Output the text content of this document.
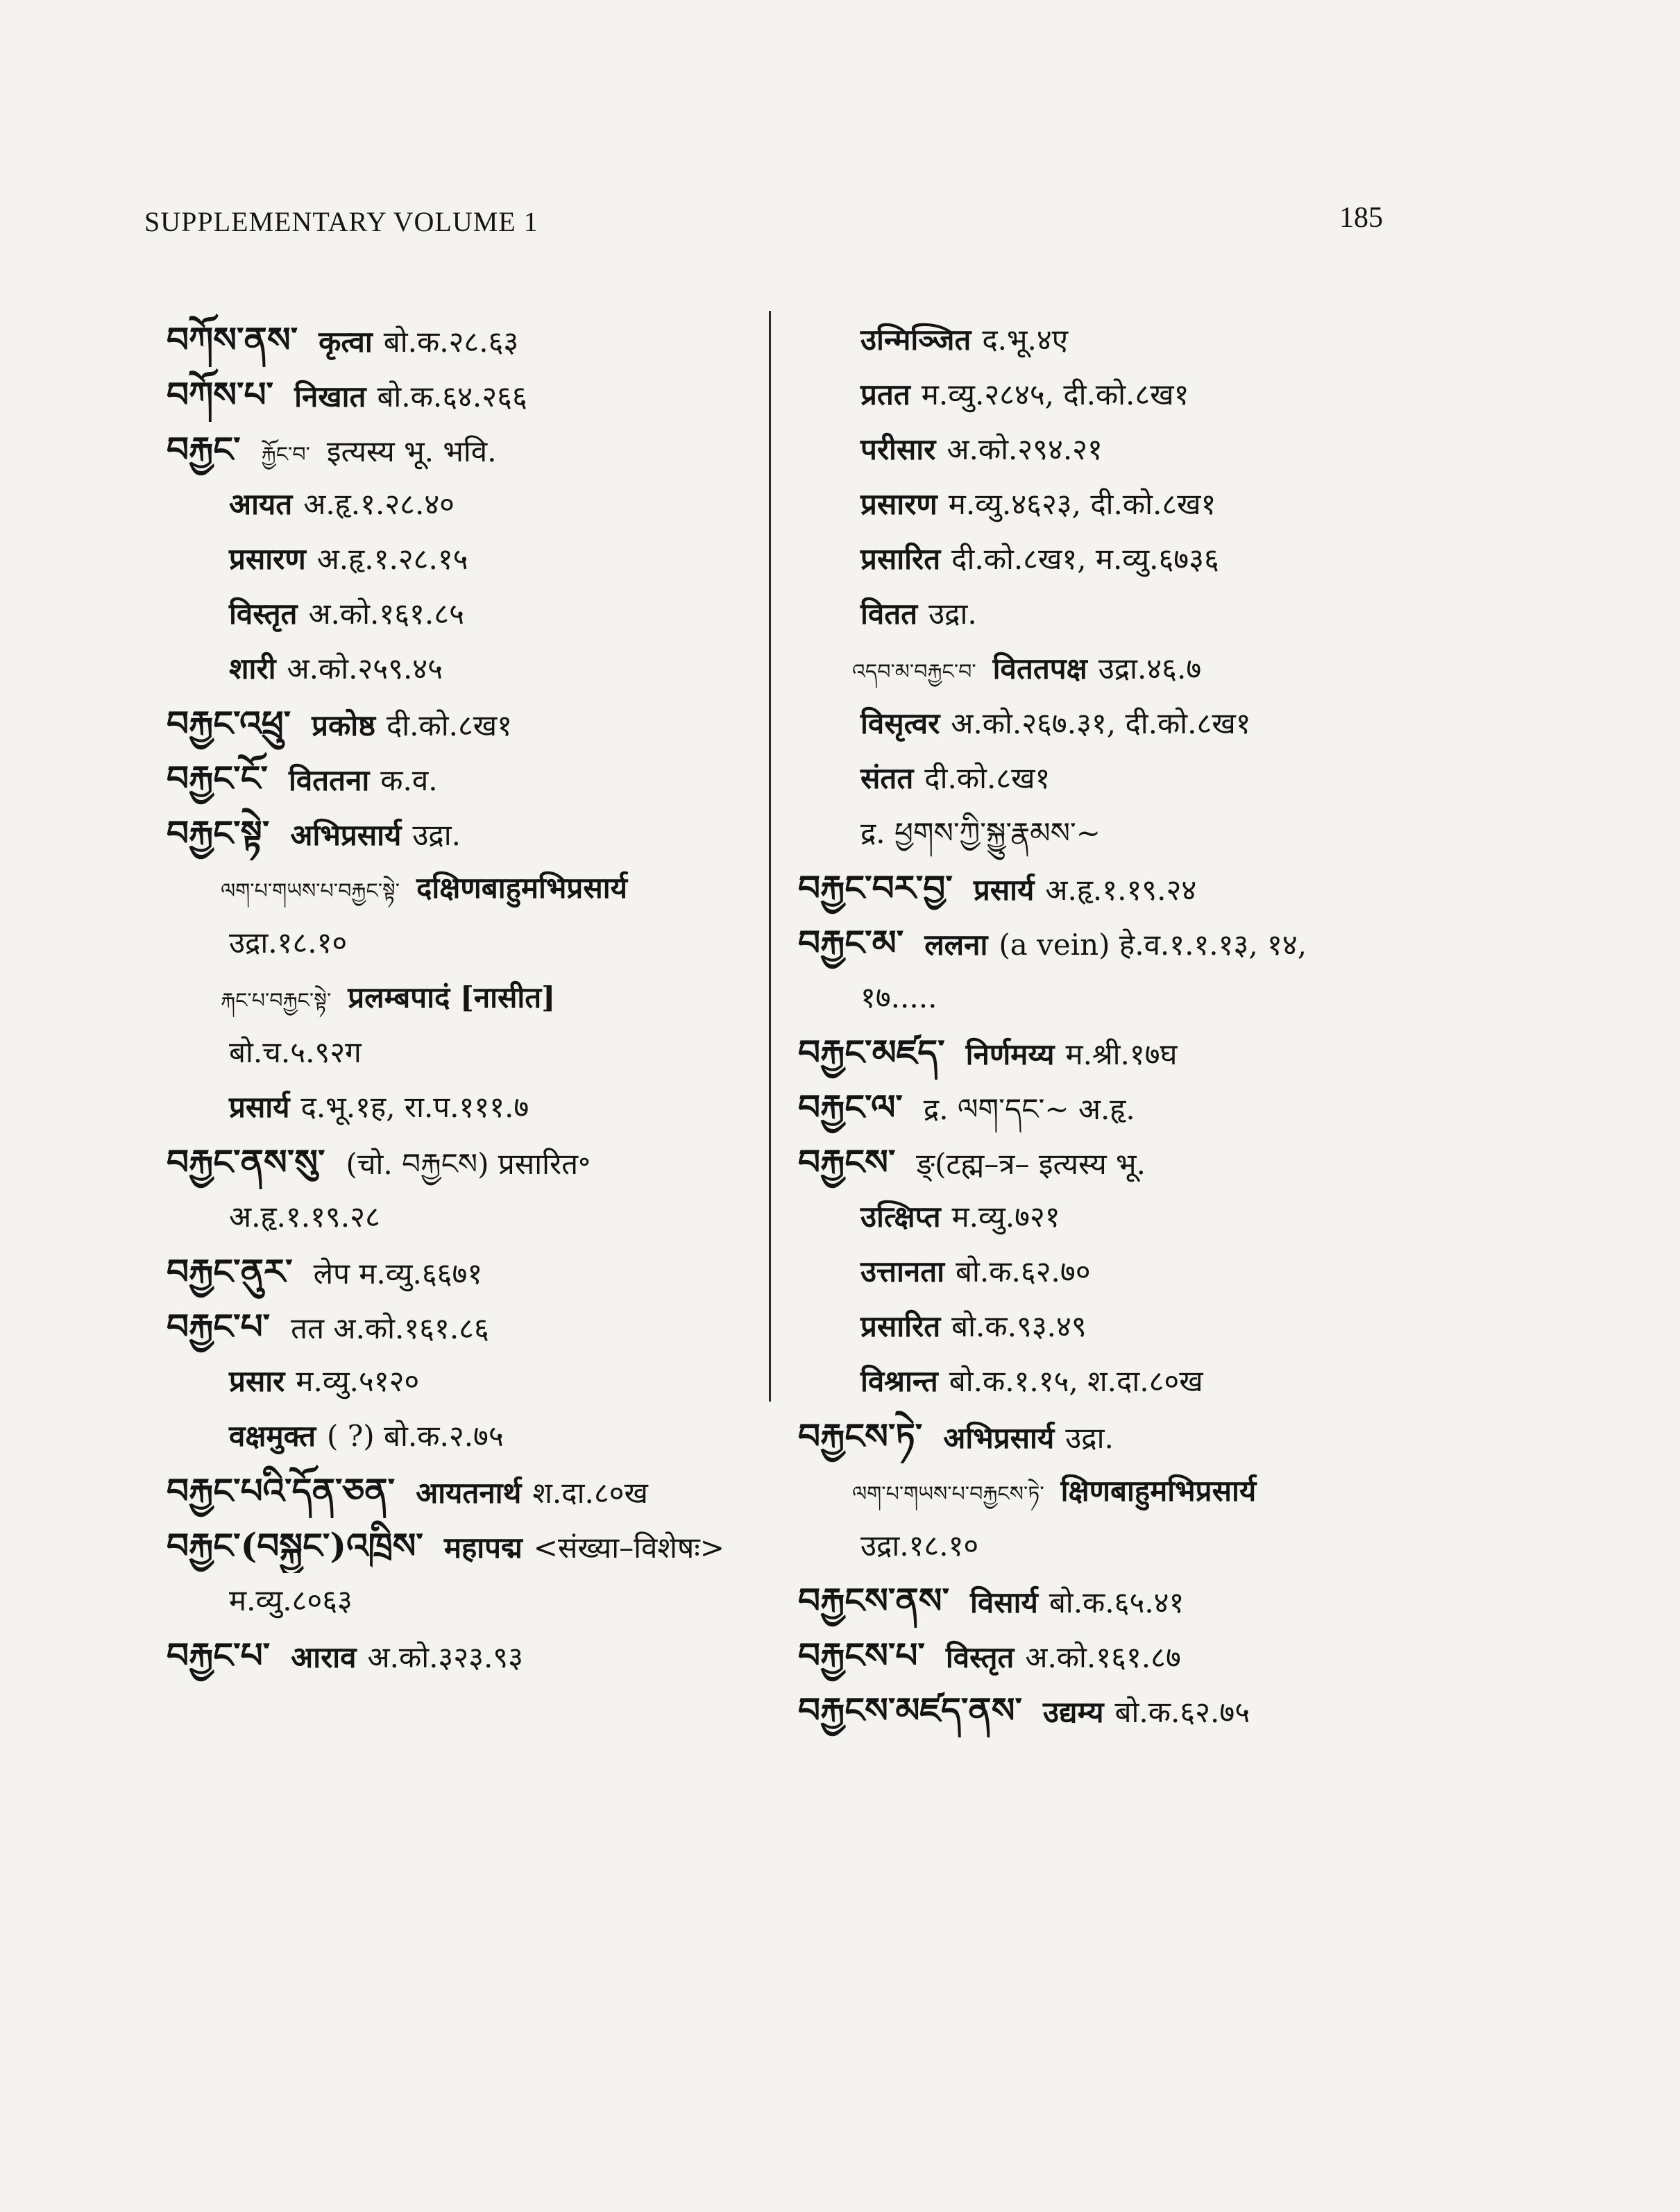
SUPPLEMENTARY VOLUME 1	185
བཀོས་ནས་ कृत्वा बो.क.२८.६३
བཀོས་པ་ निखात बो.क.६४.२६६
བརྐྱང་ རྐྱོང་བ་ इत्यस्य भू. भवि.
आयत अ.हृ.१.२८.४०
प्रसारण अ.हृ.१.२८.१५
विस्तृत अ.को.१६१.८५
शारी अ.को.२५९.४५
བརྐྱང་འཕྲུ་ प्रकोष्ठ दी.को.८ख१
བརྐྱང་ངོ་ विततना क.व.
བརྐྱང་སྟེ་ अभिप्रसार्य उद्रा.
ལག་པ་གཡས་པ་བརྐྱང་སྟེ་ दक्षिणबाहुमभिप्रसार्य
उद्रा.१८.१०
རྐང་པ་བརྐྱང་སྟེ་ प्रलम्बपादं [नासीत]
बो.च.५.९२ग
प्रसार्य द.भू.१ह, रा.प.१११.७
བརྐྱང་ནས་སུ་ (चो. བརྐྱངས) प्रसारित॰
अ.हृ.१.१९.२८
བརྐྱང་ནུར་ लेप म.व्यु.६६७१
བརྐྱང་པ་ तत अ.को.१६१.८६
प्रसार म.व्यु.५१२०
वक्षमुक्त ( ?) बो.क.२.७५
བརྐྱང་པའི་དོན་ཅན་ आयतनार्थ श.दा.८०ख
བརྐྱང་(བསྐྱང་)འཁྲིས་ महापद्म <संख्या–विशेषः>
म.व्यु.८०६३
བརྐྱང་པ་ आराव अ.को.३२३.९३
उन्मिञ्जित द.भू.४ए
प्रतत म.व्यु.२८४५, दी.को.८ख१
परीसार अ.को.२९४.२१
प्रसारण म.व्यु.४६२३, दी.को.८ख१
प्रसारित दी.को.८ख१, म.व्यु.६७३६
वितत उद्रा.
འདབ་མ་བརྐྱང་བ་ विततपक्ष उद्रा.४६.७
विसृत्वर अ.को.२६७.३१, दी.को.८ख१
संतत दी.को.८ख१
द्र. ཕྱགས་ཀྱི་སྐྱུ་རྣམས་~
བརྐྱང་བར་བྱ་ प्रसार्य अ.हृ.१.१९.२४
བརྐྱང་མ་ ललना (a vein) हे.व.१.१.१३, १४,
१७.....
བརྐྱང་མཛད་ निर्णमय्य म.श्री.१७घ
བརྐྱང་ལ་ द्र. ལག་དང་~ अ.हृ.
བརྐྱངས་ ङ्(टह्म–त्र– इत्यस्य भू.
उत्क्षिप्त म.व्यु.७२१
उत्तानता बो.क.६२.७०
प्रसारित बो.क.९३.४९
विश्रान्त बो.क.१.१५, श.दा.८०ख
བརྐྱངས་ཏེ་ अभिप्रसार्य उद्रा.
ལག་པ་གཡས་པ་བརྐྱངས་ཏེ་ क्षिणबाहुमभिप्रसार्य
उद्रा.१८.१०
བརྐྱངས་ནས་ विसार्य बो.क.६५.४१
བརྐྱངས་པ་ विस्तृत अ.को.१६१.८७
བརྐྱངས་མཛད་ནས་ उद्यम्य बो.क.६२.७५
